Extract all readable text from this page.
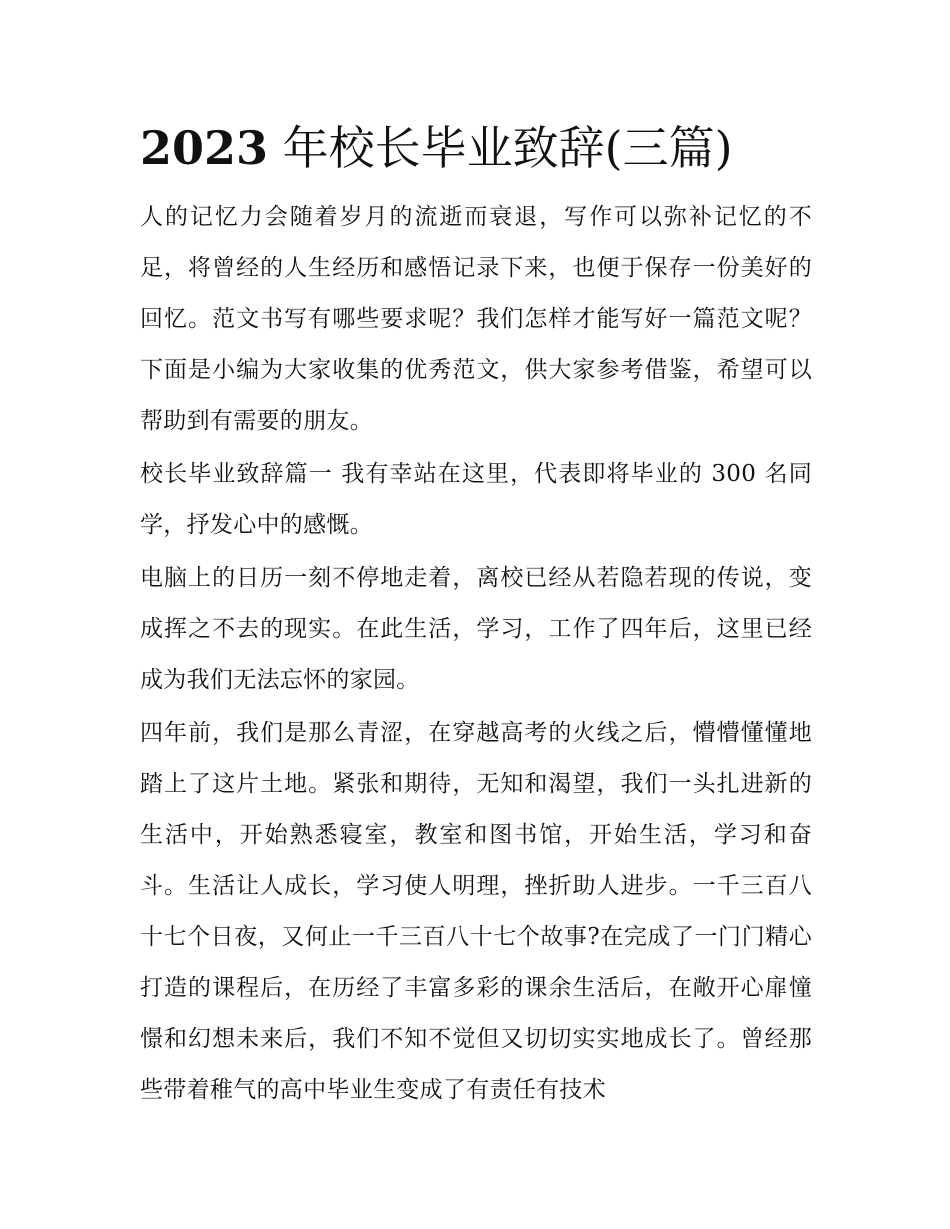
2023 年校长毕业致辞(三篇)

人的记忆力会随着岁月的流逝而衰退，写作可以弥补记忆的不足，将曾经的人生经历和感悟记录下来，也便于保存一份美好的回忆。范文书写有哪些要求呢？我们怎样才能写好一篇范文呢？下面是小编为大家收集的优秀范文，供大家参考借鉴，希望可以帮助到有需要的朋友。

校长毕业致辞篇一 我有幸站在这里，代表即将毕业的 300 名同学，抒发心中的感慨。

电脑上的日历一刻不停地走着，离校已经从若隐若现的传说，变成挥之不去的现实。在此生活，学习，工作了四年后，这里已经成为我们无法忘怀的家园。

四年前，我们是那么青涩，在穿越高考的火线之后，懵懵懂懂地踏上了这片土地。紧张和期待，无知和渴望，我们一头扎进新的生活中，开始熟悉寝室，教室和图书馆，开始生活，学习和奋斗。生活让人成长，学习使人明理，挫折助人进步。一千三百八十七个日夜，又何止一千三百八十七个故事?在完成了一门门精心打造的课程后，在历经了丰富多彩的课余生活后，在敞开心扉憧憬和幻想未来后，我们不知不觉但又切切实实地成长了。曾经那些带着稚气的高中毕业生变成了有责任有技术
